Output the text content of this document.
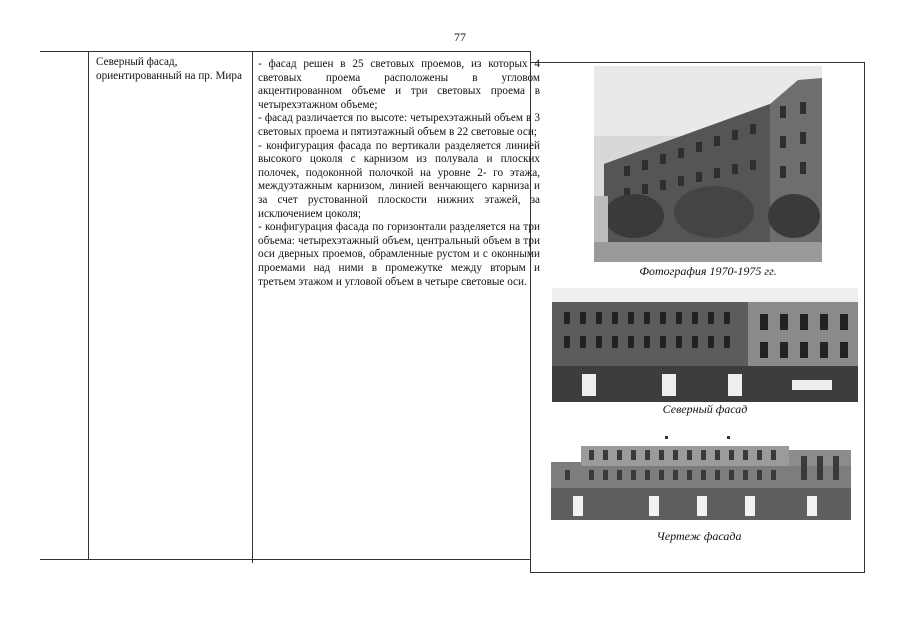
77
Северный фасад, ориентированный на пр. Мира

- фасад решен в 25 световых проемов, из которых 4 световых проема расположены в угловом акцентированном объеме и три световых проема в четырехэтажном объеме;

- фасад различается по высоте: четырехэтажный объем в 3 световых проема и пятиэтажный объем в 22 световые оси;

- конфигурация фасада по вертикали разделяется линией высокого цоколя с карнизом из полувала и плоских полочек, подоконной полочкой на уровне 2- го этажа, междуэтажным карнизом, линией венчающего карниза и за счет рустованной плоскости нижних этажей, за исключением цоколя;

- конфигурация фасада по горизонтали разделяется на три объема: четырехэтажный объем, центральный объем в три оси дверных проемов, обрамленные рустом и с оконными проемами над ними в промежутке между вторым и третьем этажом и угловой объем в четыре световые оси.

Фотография 1970-1975 гг.
Северный фасад
Чертеж фасада
